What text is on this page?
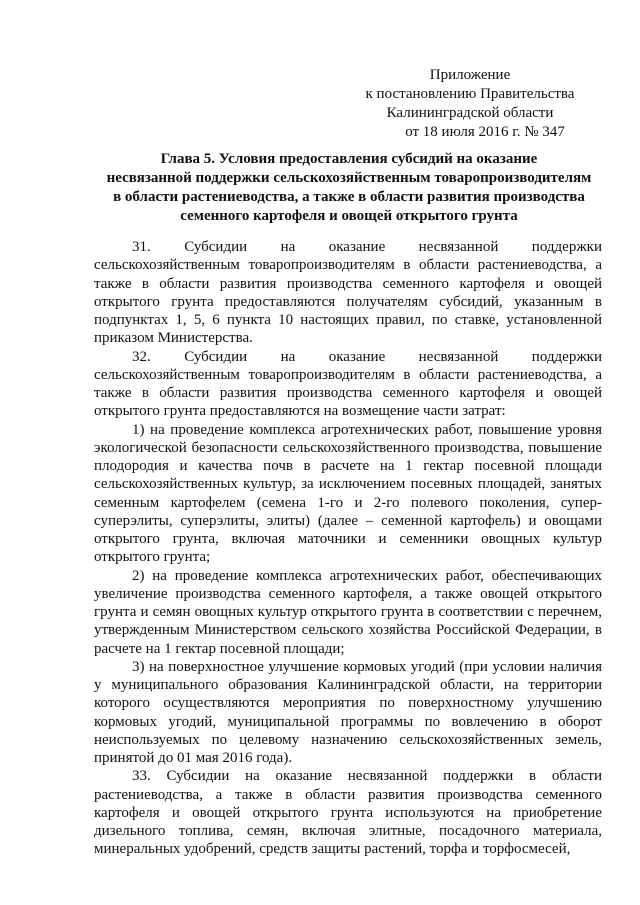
Приложение
к постановлению Правительства
Калининградской области
от 18 июля 2016 г. № 347
Глава 5. Условия предоставления субсидий на оказание
несвязанной поддержки сельскохозяйственным товаропроизводителям
в области растениеводства, а также в области развития производства
семенного картофеля и овощей открытого грунта

31. Субсидии на оказание несвязанной поддержки сельскохозяйственным товаропроизводителям в области растениеводства, а также в области развития производства семенного картофеля и овощей открытого грунта предоставляются получателям субсидий, указанным в подпунктах 1, 5, 6 пункта 10 настоящих правил, по ставке, установленной приказом Министерства.

32. Субсидии на оказание несвязанной поддержки сельскохозяйственным товаропроизводителям в области растениеводства, а также в области развития производства семенного картофеля и овощей открытого грунта предоставляются на возмещение части затрат:

1) на проведение комплекса агротехнических работ, повышение уровня экологической безопасности сельскохозяйственного производства, повышение плодородия и качества почв в расчете на 1 гектар посевной площади сельскохозяйственных культур, за исключением посевных площадей, занятых семенным картофелем (семена 1-го и 2-го полевого поколения, супер-суперэлиты, суперэлиты, элиты) (далее – семенной картофель) и овощами открытого грунта, включая маточники и семенники овощных культур открытого грунта;

2) на проведение комплекса агротехнических работ, обеспечивающих увеличение производства семенного картофеля, а также овощей открытого грунта и семян овощных культур открытого грунта в соответствии с перечнем, утвержденным Министерством сельского хозяйства Российской Федерации, в расчете на 1 гектар посевной площади;

3) на поверхностное улучшение кормовых угодий (при условии наличия у муниципального образования Калининградской области, на территории которого осуществляются мероприятия по поверхностному улучшению кормовых угодий, муниципальной программы по вовлечению в оборот неиспользуемых по целевому назначению сельскохозяйственных земель, принятой до 01 мая 2016 года).

33. Субсидии на оказание несвязанной поддержки в области растениеводства, а также в области развития производства семенного картофеля и овощей открытого грунта используются на приобретение дизельного топлива, семян, включая элитные, посадочного материала, минеральных удобрений, средств защиты растений, торфа и торфосмесей,
